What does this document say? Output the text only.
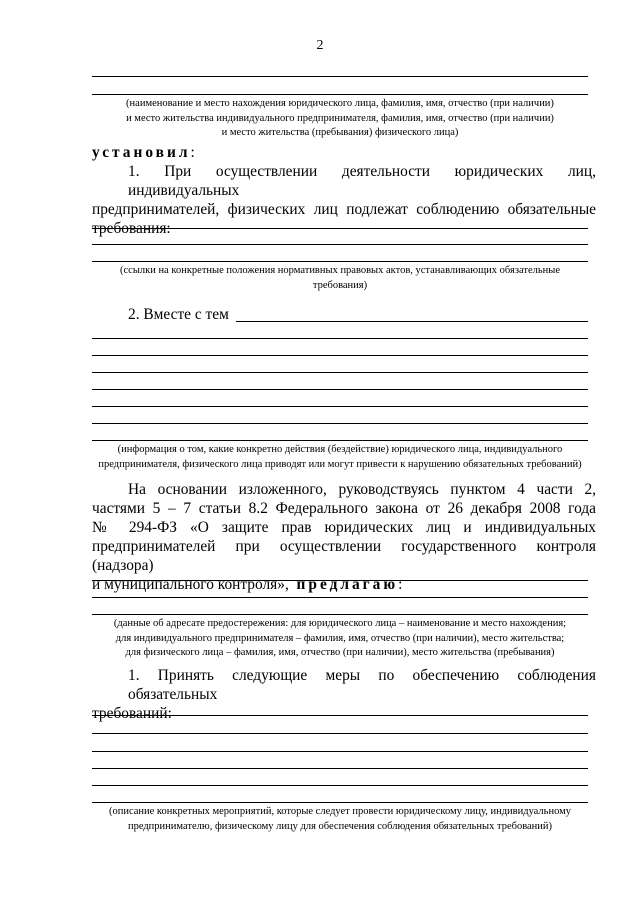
2
(наименование и место нахождения юридического лица, фамилия, имя, отчество (при наличии)
и место жительства индивидуального предпринимателя, фамилия, имя, отчество (при наличии)
и место жительства (пребывания) физического лица)
установил:
1. При осуществлении деятельности юридических лиц, индивидуальных
предпринимателей, физических лиц подлежат соблюдению обязательные
требования:
(ссылки на конкретные положения нормативных правовых актов, устанавливающих обязательные
требования)
2. Вместе с тем
(информация о том, какие конкретно действия (бездействие) юридического лица, индивидуального
предпринимателя, физического лица приводят или могут привести к нарушению обязательных требований)
На основании изложенного, руководствуясь пунктом 4 части 2,
частями 5 – 7 статьи 8.2 Федерального закона от 26 декабря 2008 года
№ 294-ФЗ «О защите прав юридических лиц и индивидуальных
предпринимателей при осуществлении государственного контроля (надзора)
и муниципального контроля», предлагаю:
(данные об адресате предостережения: для юридического лица – наименование и место нахождения;
для индивидуального предпринимателя – фамилия, имя, отчество (при наличии), место жительства;
для физического лица – фамилия, имя, отчество (при наличии), место жительства (пребывания)
1. Принять следующие меры по обеспечению соблюдения обязательных
требований:
(описание конкретных мероприятий, которые следует провести юридическому лицу, индивидуальному
предпринимателю, физическому лицу для обеспечения соблюдения обязательных требований)
